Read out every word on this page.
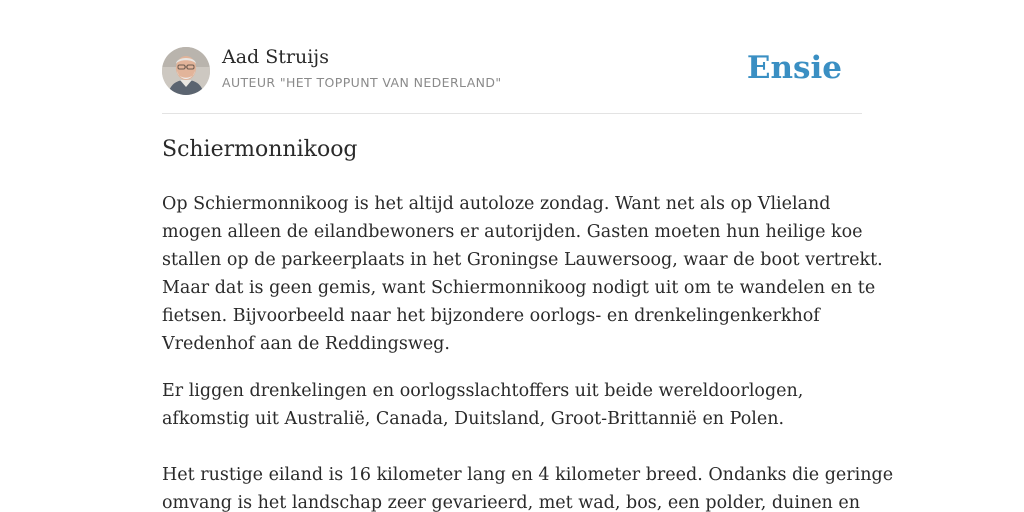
Aad Struijs
AUTEUR "HET TOPPUNT VAN NEDERLAND"	Ensie
Schiermonnikoog

Op Schiermonnikoog is het altijd autoloze zondag. Want net als op Vlieland
mogen alleen de eilandbewoners er autorijden. Gasten moeten hun heilige koe
stallen op de parkeerplaats in het Groningse Lauwersoog, waar de boot vertrekt.
Maar dat is geen gemis, want Schiermonnikoog nodigt uit om te wandelen en te
fietsen. Bijvoorbeeld naar het bijzondere oorlogs- en drenkelingenkerkhof
Vredenhof aan de Reddingsweg.

Er liggen drenkelingen en oorlogsslachtoffers uit beide wereldoorlogen,
afkomstig uit Australië, Canada, Duitsland, Groot-Brittannië en Polen.

Het rustige eiland is 16 kilometer lang en 4 kilometer breed. Ondanks die geringe
omvang is het landschap zeer gevarieerd, met wad, bos, een polder, duinen en
